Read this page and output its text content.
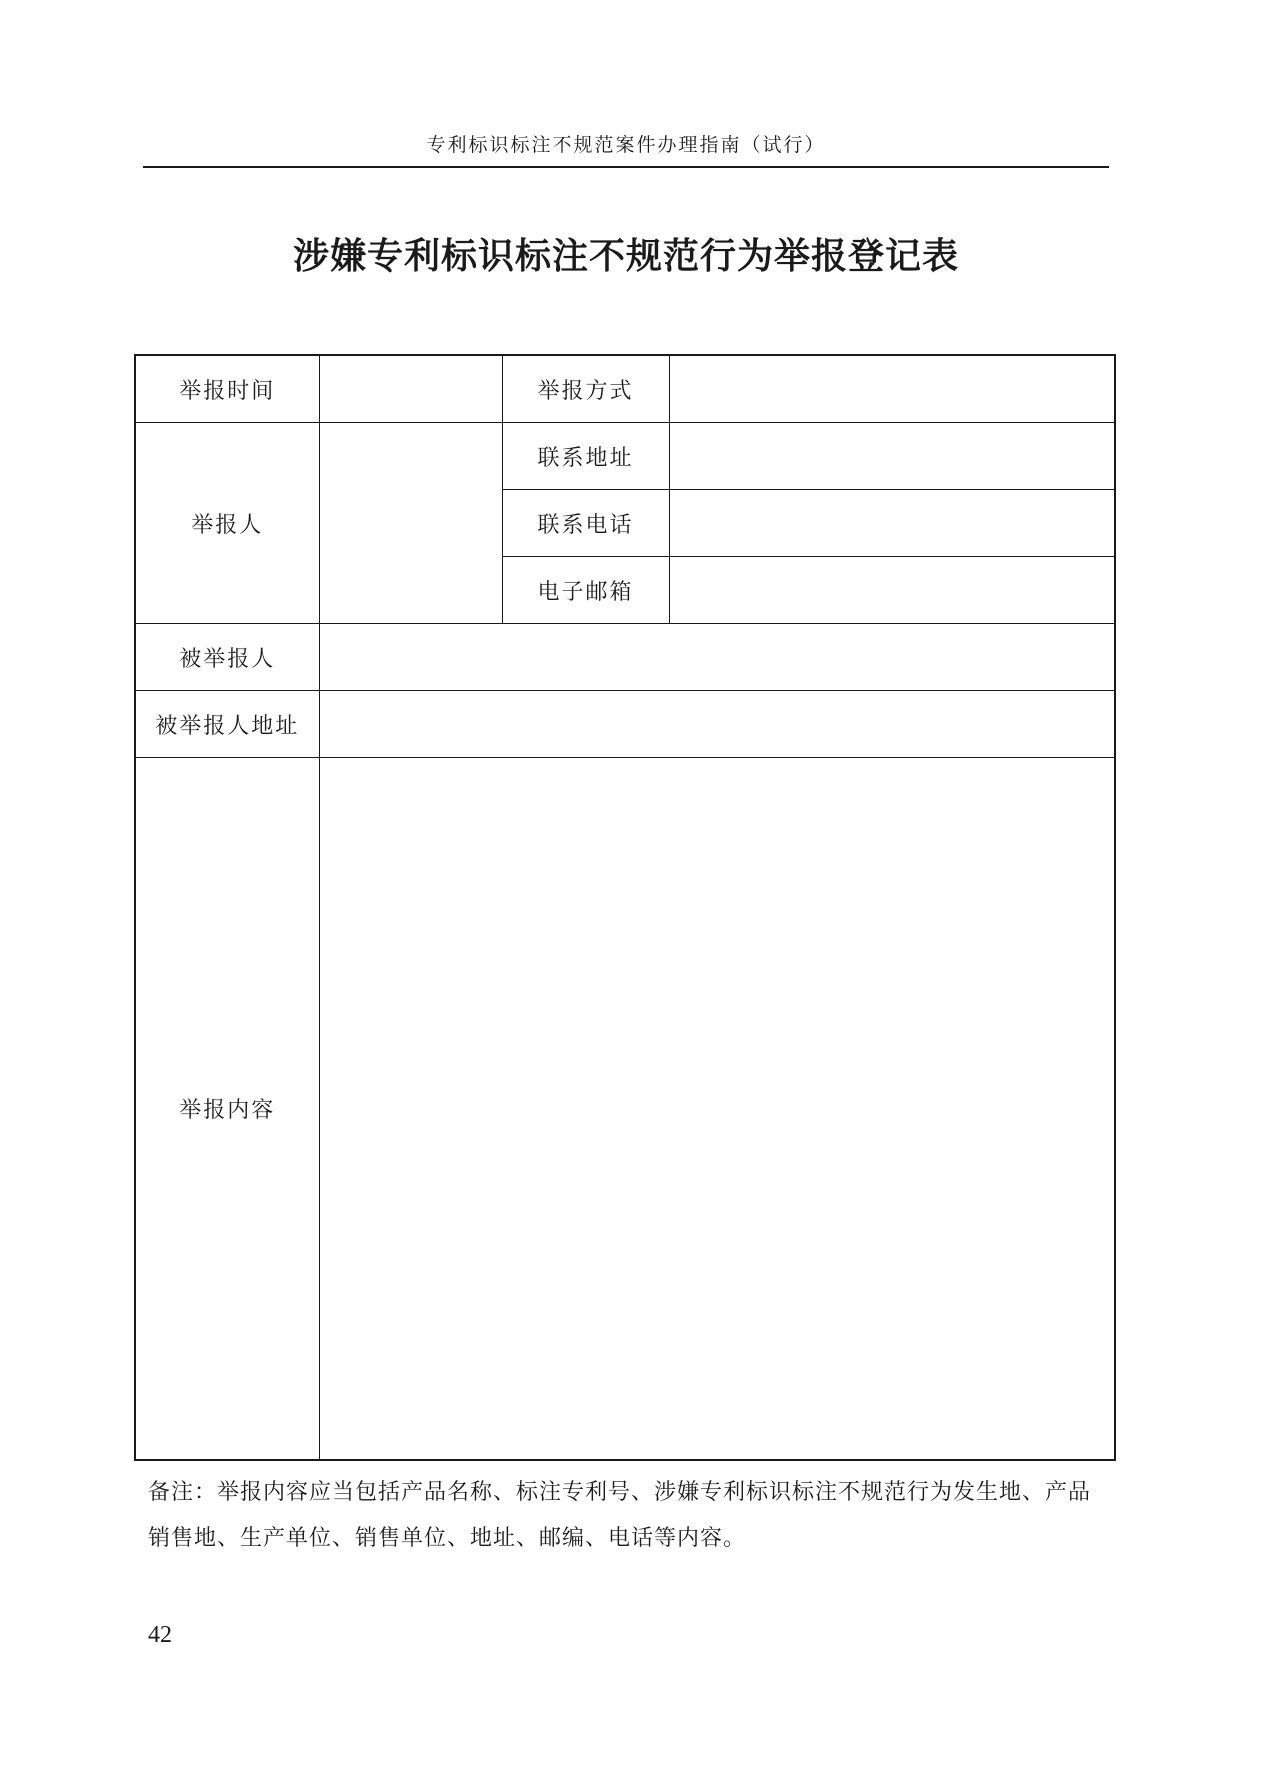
专利标识标注不规范案件办理指南（试行）
涉嫌专利标识标注不规范行为举报登记表
举报时间		举报方式	
举报人		联系地址	
		联系电话	
		电子邮箱	
被举报人			
被举报人地址			
举报内容			
备注：举报内容应当包括产品名称、标注专利号、涉嫌专利标识标注不规范行为发生地、产品销售地、生产单位、销售单位、地址、邮编、电话等内容。
42
